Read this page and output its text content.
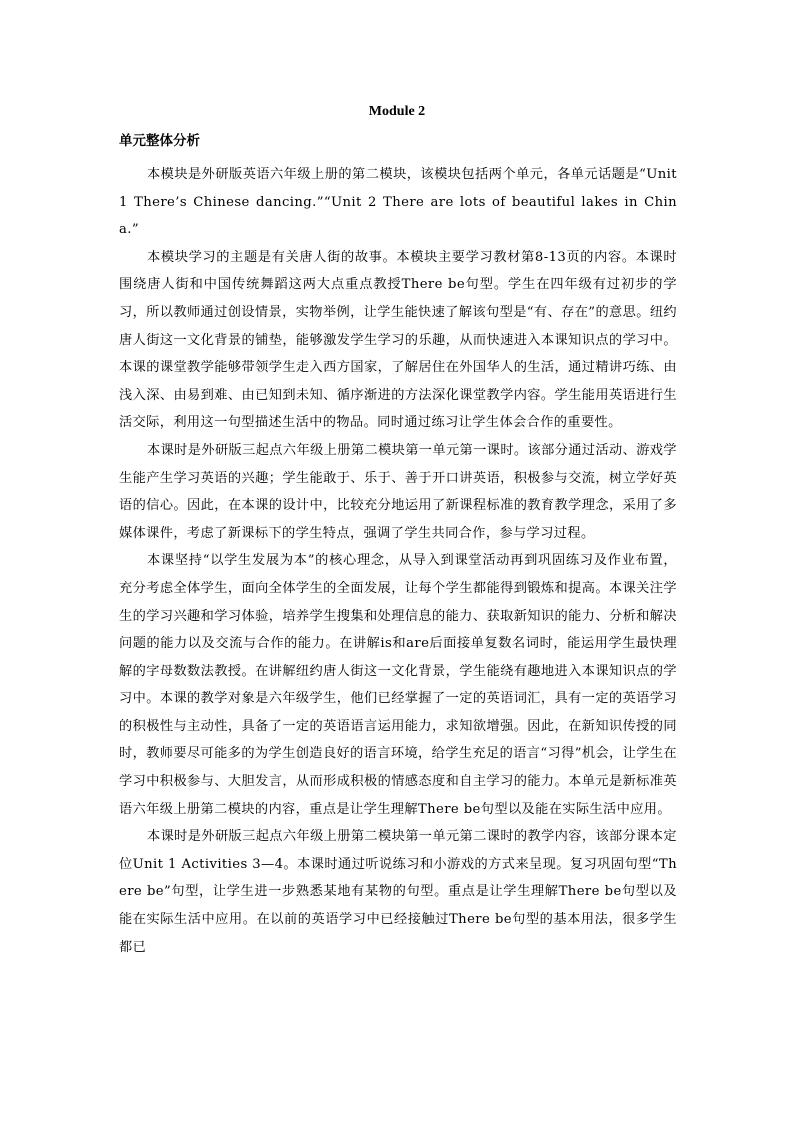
Module 2
单元整体分析

本模块是外研版英语六年级上册的第二模块，该模块包括两个单元，各单元话题是“Unit 1 There’s Chinese dancing.”“Unit 2 There are lots of beautiful lakes in China.”

本模块学习的主题是有关唐人街的故事。本模块主要学习教材第8-13页的内容。本课时围绕唐人街和中国传统舞蹈这两大点重点教授There be句型。学生在四年级有过初步的学习，所以教师通过创设情景，实物举例，让学生能快速了解该句型是“有、存在”的意思。纽约唐人街这一文化背景的铺垫，能够激发学生学习的乐趣，从而快速进入本课知识点的学习中。本课的课堂教学能够带领学生走入西方国家，了解居住在外国华人的生活，通过精讲巧练、由浅入深、由易到难、由已知到未知、循序渐进的方法深化课堂教学内容。学生能用英语进行生活交际，利用这一句型描述生活中的物品。同时通过练习让学生体会合作的重要性。

本课时是外研版三起点六年级上册第二模块第一单元第一课时。该部分通过活动、游戏学生能产生学习英语的兴趣；学生能敢于、乐于、善于开口讲英语，积极参与交流，树立学好英语的信心。因此，在本课的设计中，比较充分地运用了新课程标准的教育教学理念，采用了多媒体课件，考虑了新课标下的学生特点，强调了学生共同合作，参与学习过程。

本课坚持“以学生发展为本”的核心理念，从导入到课堂活动再到巩固练习及作业布置，充分考虑全体学生，面向全体学生的全面发展，让每个学生都能得到锻炼和提高。本课关注学生的学习兴趣和学习体验，培养学生搜集和处理信息的能力、获取新知识的能力、分析和解决问题的能力以及交流与合作的能力。在讲解is和are后面接单复数名词时，能运用学生最快理解的字母数数法教授。在讲解纽约唐人街这一文化背景，学生能绕有趣地进入本课知识点的学习中。本课的教学对象是六年级学生，他们已经掌握了一定的英语词汇，具有一定的英语学习的积极性与主动性，具备了一定的英语语言运用能力，求知欲增强。因此，在新知识传授的同时，教师要尽可能多的为学生创造良好的语言环境，给学生充足的语言“习得”机会，让学生在学习中积极参与、大胆发言，从而形成积极的情感态度和自主学习的能力。本单元是新标准英语六年级上册第二模块的内容，重点是让学生理解There be句型以及能在实际生活中应用。

本课时是外研版三起点六年级上册第二模块第一单元第二课时的教学内容，该部分课本定位Unit 1 Activities 3—4。本课时通过听说练习和小游戏的方式来呈现。复习巩固句型“There be”句型，让学生进一步熟悉某地有某物的句型。重点是让学生理解There be句型以及能在实际生活中应用。在以前的英语学习中已经接触过There be句型的基本用法，很多学生都已
